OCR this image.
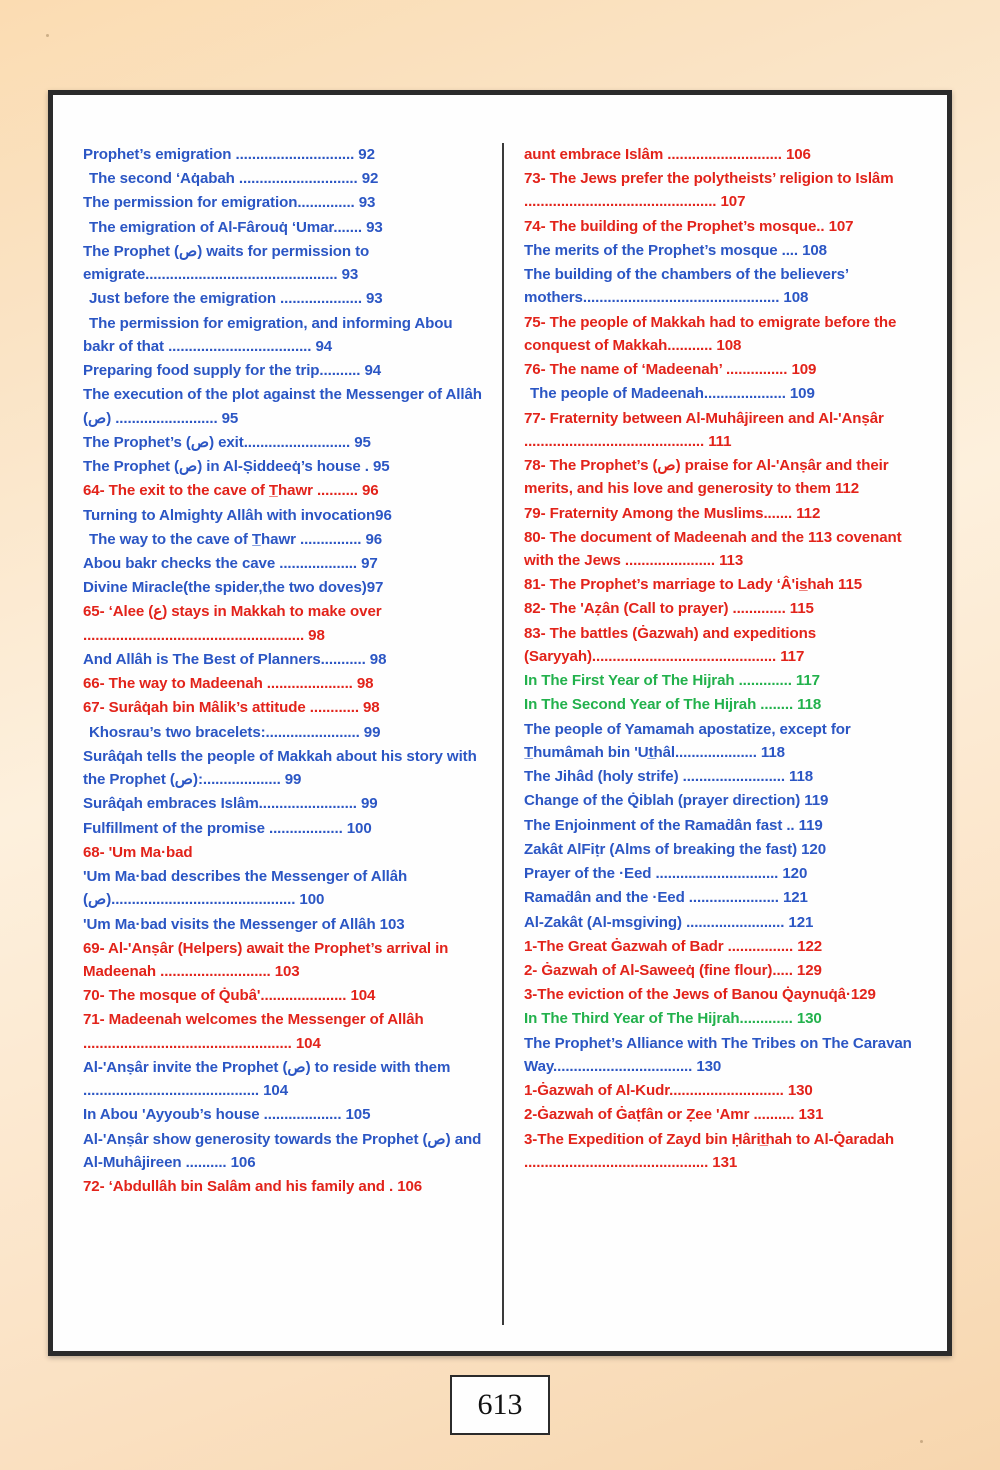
Prophet’s emigration ............................. 92
The second ‘Aq̇abah ............................. 92
The permission for emigration.............. 93
The emigration of Al-Fârouq̇ ‘Umar....... 93
The Prophet (ص) waits for permission to emigrate............................................... 93
Just before the emigration .................... 93
The permission for emigration, and informing Abou bakr of that ................................... 94
Preparing food supply for the trip.......... 94
The execution of the plot against the Messenger of Allâh (ص) ......................... 95
The Prophet’s (ص) exit.......................... 95
The Prophet (ص) in Al-Ṣiddeeq̇’s house . 95
64- The exit to the cave of T̲hawr .......... 96
Turning to Almighty Allâh with invocation96
The way to the cave of T̲hawr ............... 96
Abou bakr checks the cave ................... 97
Divine Miracle(the spider,the two doves)97
65- ‘Alee (ع) stays in Makkah to make over ...................................................... 98
And Allâh is The Best of Planners........... 98
66- The way to Madeenah ..................... 98
67- Surâq̇ah bin Mâlik’s attitude ............ 98
Khosrau’s two bracelets:....................... 99
Surâq̇ah tells the people of Makkah about his story with the Prophet (ص):................... 99
Surâq̇ah embraces Islâm........................ 99
Fulfillment of the promise .................. 100
68- 'Um Ma·bad
'Um Ma·bad describes the Messenger of Allâh (ص)............................................. 100
'Um Ma·bad visits the Messenger of Allâh 103
69- Al-'Anṣâr (Helpers) await the Prophet’s arrival in Madeenah ........................... 103
70- The mosque of Q̇ubâ'..................... 104
71- Madeenah welcomes the Messenger of Allâh ................................................... 104
Al-'Anṣâr invite the Prophet (ص) to reside with them ........................................... 104
In Abou 'Ayyoub’s house ................... 105
Al-'Anṣâr show generosity towards the Prophet (ص) and Al-Muhâjireen .......... 106
72- ‘Abdullâh bin Salâm and his family and . 106
aunt embrace Islâm ............................ 106
73- The Jews prefer the polytheists’ religion to Islâm ............................................... 107
74- The building of the Prophet’s mosque.. 107
The merits of the Prophet’s mosque .... 108
The building of the chambers of the believers’ mothers................................................ 108
75- The people of Makkah had to emigrate before the conquest of Makkah........... 108
76- The name of ‘Madeenah’ ............... 109
The people of Madeenah.................... 109
77- Fraternity between Al-Muhâjireen and Al-'Anṣâr ............................................ 111
78- The Prophet’s (ص) praise for Al-'Anṣâr and their merits, and his love and generosity to them 112
79- Fraternity Among the Muslims....... 112
80- The document of Madeenah and the 113 covenant with the Jews ...................... 113
81- The Prophet’s marriage to Lady ‘Â'is̲hah 115
82- The 'Aẓân (Call to prayer) ............. 115
83- The battles (Ġazwah) and expeditions (Saryyah)............................................. 117
In The First Year of The Hijrah ............. 117
In The Second Year of The Hijrah ........ 118
The people of Yamamah apostatize, except for T̲humâmah bin 'Ut̲hâl.................... 118
The Jihâd (holy strife) ......................... 118
Change of the Q̇iblah (prayer direction) 119
The Enjoinment of the Ramaḋân fast .. 119
Zakât AlFiṭr (Alms of breaking the fast) 120
Prayer of the ·Eed .............................. 120
Ramaḋân and the ·Eed ...................... 121
Al-Zakât (Al-msgiving) ........................ 121
1-The Great Ġazwah of Badr ................ 122
2- Ġazwah of Al-Saweeq̇ (fine flour)..... 129
3-The eviction of the Jews of Banou Q̇aynuq̇â·129
In The Third Year of The Hijrah............. 130
The Prophet’s Alliance with The Tribes on The Caravan Way.................................. 130
1-Ġazwah of Al-Kudr............................ 130
2-Ġazwah of Ġaṭfân or Ẓee 'Amr .......... 131
3-The Expedition of Zayd bin Ḥârit̲hah to Al-Q̇aradah ............................................. 131
613
